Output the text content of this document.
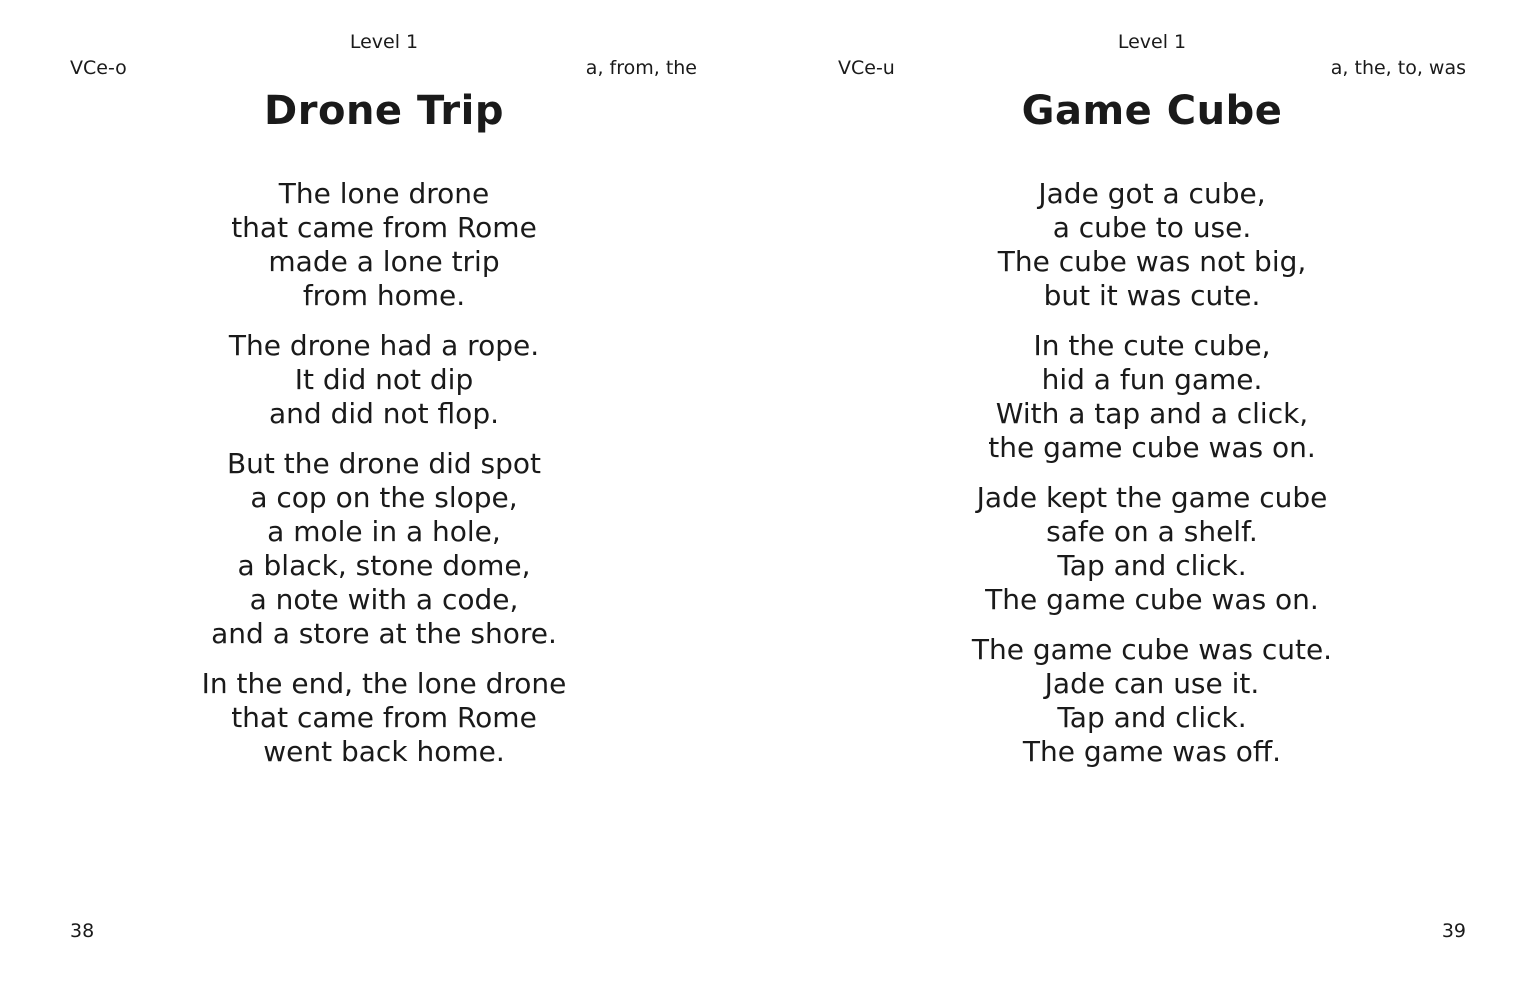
Level 1
VCe-o	a, from, the
Drone Trip
The lone drone
that came from Rome
made a lone trip
from home.
The drone had a rope.
It did not dip
and did not flop.
But the drone did spot
a cop on the slope,
a mole in a hole,
a black, stone dome,
a note with a code,
and a store at the shore.
In the end, the lone drone
that came from Rome
went back home.
38
Level 1
VCe-u	a, the, to, was
Game Cube
Jade got a cube,
a cube to use.
The cube was not big,
but it was cute.
In the cute cube,
hid a fun game.
With a tap and a click,
the game cube was on.
Jade kept the game cube
safe on a shelf.
Tap and click.
The game cube was on.
The game cube was cute.
Jade can use it.
Tap and click.
The game was off.
39
